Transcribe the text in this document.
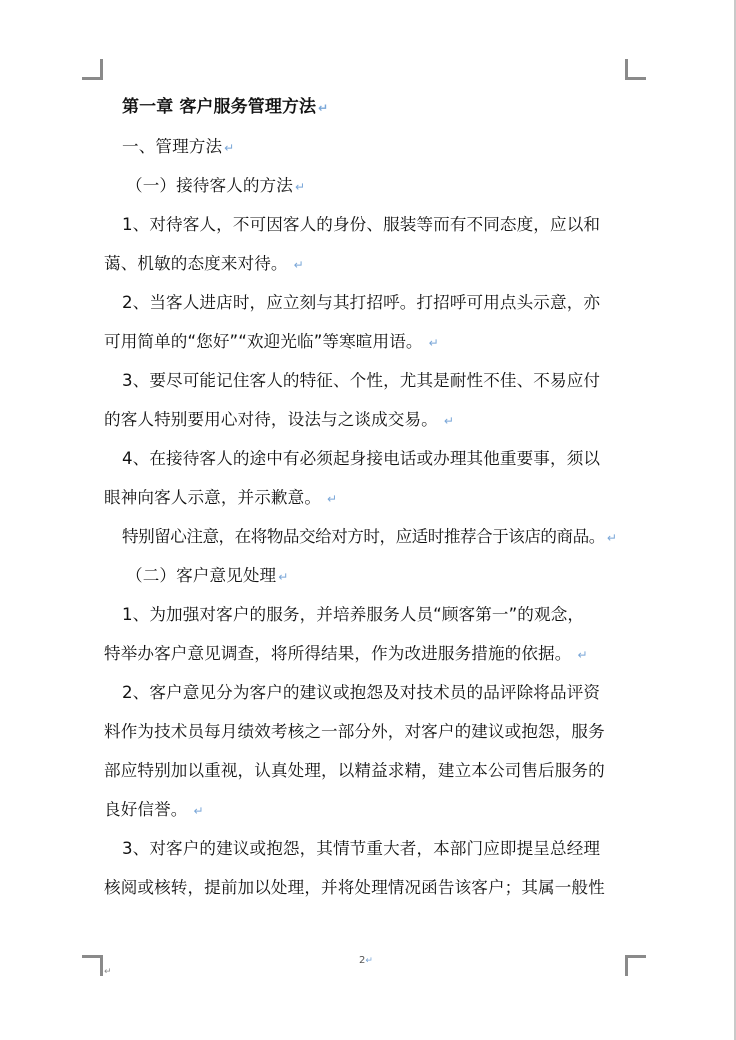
第一章 客户服务管理方法 ↵
一、管理方法 ↵
（一）接待客人的方法 ↵
1、对待客人，不可因客人的身份、服装等而有不同态度，应以和
蔼、机敏的态度来对待。 ↵
2、当客人进店时，应立刻与其打招呼。打招呼可用点头示意，亦
可用简单的“您好”“欢迎光临”等寒暄用语。 ↵
3、要尽可能记住客人的特征、个性，尤其是耐性不佳、不易应付
的客人特别要用心对待，设法与之谈成交易。 ↵
4、在接待客人的途中有必须起身接电话或办理其他重要事，须以
眼神向客人示意，并示歉意。 ↵
特别留心注意，在将物品交给对方时，应适时推荐合于该店的商品。 ↵
（二）客户意见处理 ↵
1、为加强对客户的服务，并培养服务人员“顾客第一”的观念，
特举办客户意见调查，将所得结果，作为改进服务措施的依据。 ↵
2、客户意见分为客户的建议或抱怨及对技术员的品评除将品评资
料作为技术员每月绩效考核之一部分外，对客户的建议或抱怨，服务
部应特别加以重视，认真处理，以精益求精，建立本公司售后服务的
良好信誉。 ↵
3、对客户的建议或抱怨，其情节重大者，本部门应即提呈总经理
核阅或核转，提前加以处理，并将处理情况函告该客户；其属一般性
2↵
↵
